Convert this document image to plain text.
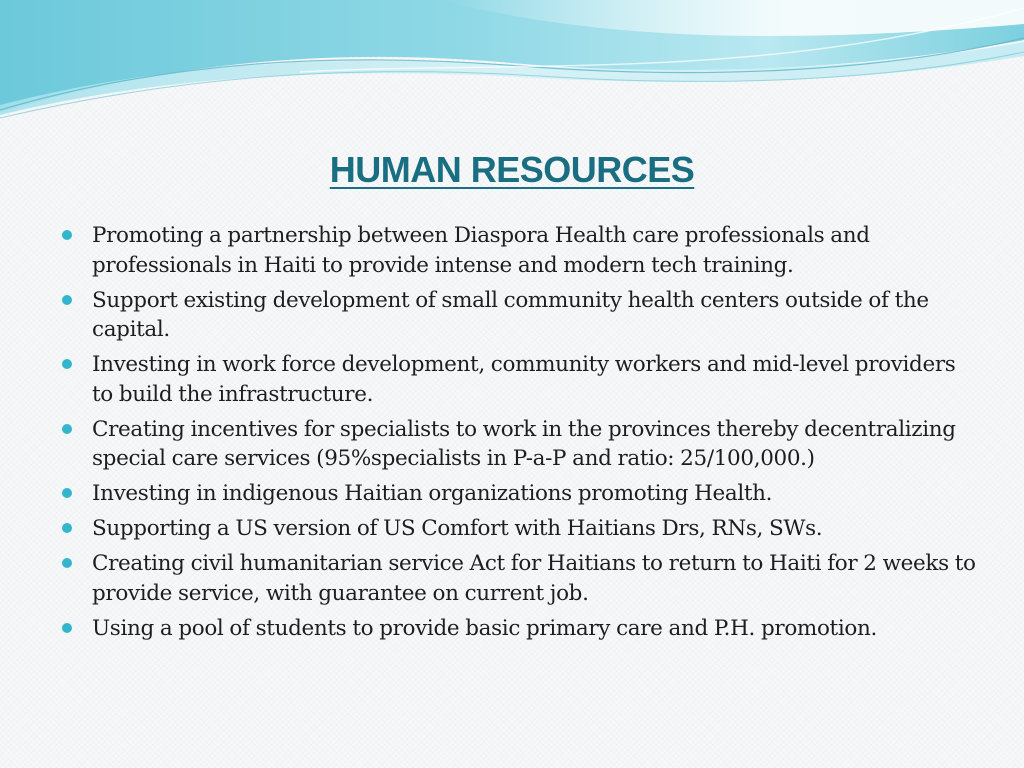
HUMAN RESOURCES
Promoting a partnership between Diaspora Health care professionals and professionals in Haiti to provide intense and modern tech training.
Support existing development of small community health centers outside of the capital.
Investing in work force development, community workers and mid-level providers to build the infrastructure.
Creating incentives for specialists to work in the provinces thereby decentralizing special care services (95%specialists in P-a-P and ratio: 25/100,000.)
Investing in indigenous Haitian organizations promoting Health.
Supporting a US version of US Comfort with Haitians Drs, RNs, SWs.
Creating civil humanitarian service Act for Haitians to return to Haiti for 2 weeks to provide service, with guarantee on current job.
Using a pool of students to provide basic primary care and P.H. promotion.
